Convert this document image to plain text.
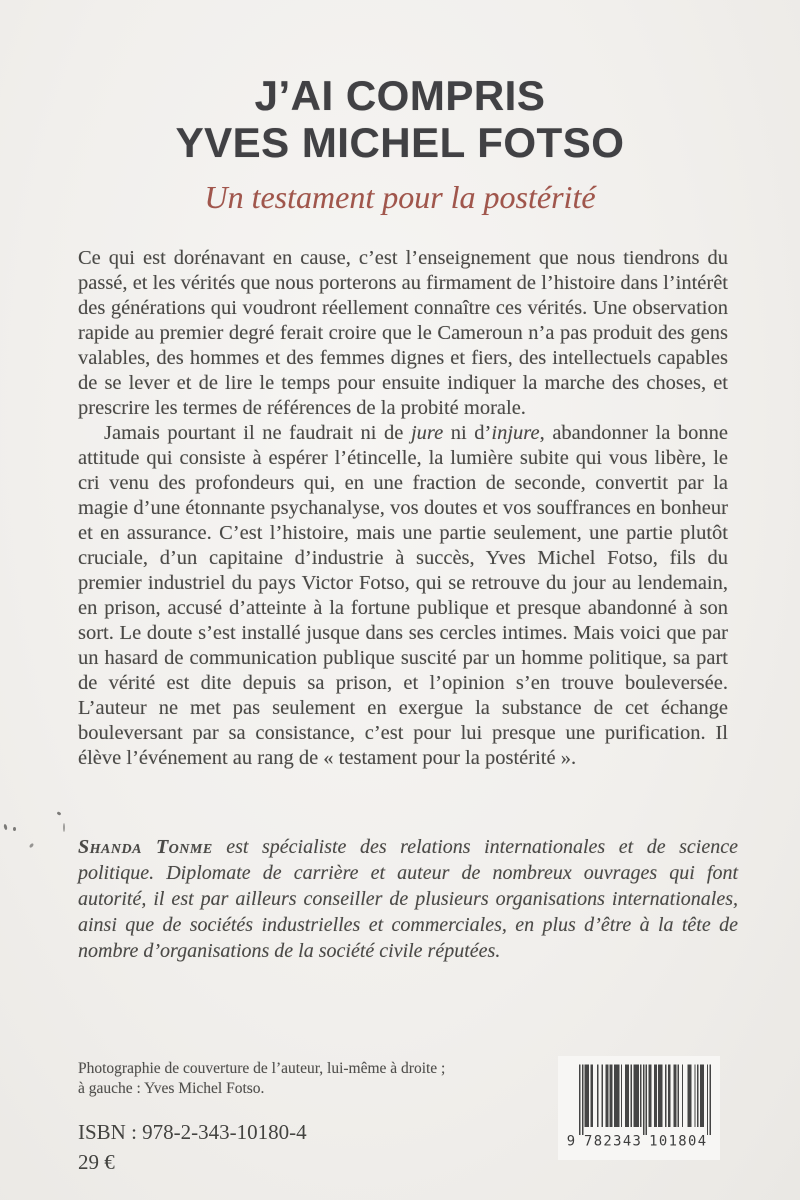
J’AI COMPRIS
YVES MICHEL FOTSO
Un testament pour la postérité

Ce qui est dorénavant en cause, c’est l’enseignement que nous tiendrons du passé, et les vérités que nous porterons au firmament de l’histoire dans l’intérêt des générations qui voudront réellement connaître ces vérités. Une observation rapide au premier degré ferait croire que le Cameroun n’a pas produit des gens valables, des hommes et des femmes dignes et fiers, des intellectuels capables de se lever et de lire le temps pour ensuite indiquer la marche des choses, et prescrire les termes de références de la probité morale.

Jamais pourtant il ne faudrait ni de jure ni d’injure, abandonner la bonne attitude qui consiste à espérer l’étincelle, la lumière subite qui vous libère, le cri venu des profondeurs qui, en une fraction de seconde, convertit par la magie d’une étonnante psychanalyse, vos doutes et vos souffrances en bonheur et en assurance. C’est l’histoire, mais une partie seulement, une partie plutôt cruciale, d’un capitaine d’industrie à succès, Yves Michel Fotso, fils du premier industriel du pays Victor Fotso, qui se retrouve du jour au lendemain, en prison, accusé d’atteinte à la fortune publique et presque abandonné à son sort. Le doute s’est installé jusque dans ses cercles intimes. Mais voici que par un hasard de communication publique suscité par un homme politique, sa part de vérité est dite depuis sa prison, et l’opinion s’en trouve bouleversée. L’auteur ne met pas seulement en exergue la substance de cet échange bouleversant par sa consistance, c’est pour lui presque une purification. Il élève l’événement au rang de « testament pour la postérité ».

Shanda Tonme est spécialiste des relations internationales et de science politique. Diplomate de carrière et auteur de nombreux ouvrages qui font autorité, il est par ailleurs conseiller de plusieurs organisations internationales, ainsi que de sociétés industrielles et commerciales, en plus d’être à la tête de nombre d’organisations de la société civile réputées.

Photographie de couverture de l’auteur, lui-même à droite ;
à gauche : Yves Michel Fotso.
ISBN : 978-2-343-10180-4
29 €
9 7 8 2 3 4 3 1 0 1 8 0 4
